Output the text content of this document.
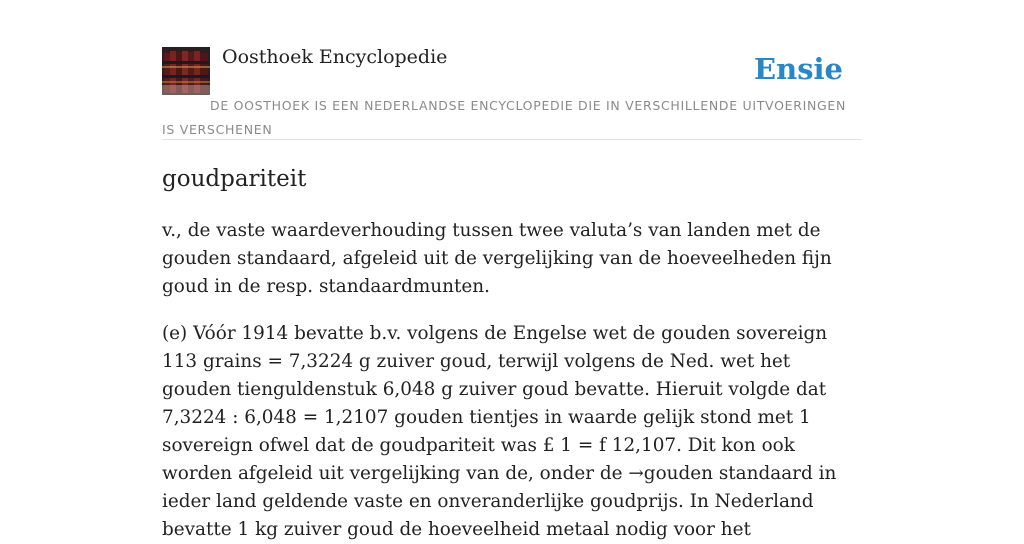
Oosthoek Encyclopedie	Ensie
DE OOSTHOEK IS EEN NEDERLANDSE ENCYCLOPEDIE DIE IN VERSCHILLENDE UITVOERINGEN IS VERSCHENEN
goudpariteit

v., de vaste waardeverhouding tussen twee valuta’s van landen met de gouden standaard, afgeleid uit de vergelijking van de hoeveelheden fijn goud in de resp. standaardmunten.

(e) Vóór 1914 bevatte b.v. volgens de Engelse wet de gouden sovereign 113 grains = 7,3224 g zuiver goud, terwijl volgens de Ned. wet het gouden tienguldenstuk 6,048 g zuiver goud bevatte. Hieruit volgde dat 7,3224 : 6,048 = 1,2107 gouden tientjes in waarde gelijk stond met 1 sovereign ofwel dat de goudpariteit was £ 1 = f 12,107. Dit kon ook worden afgeleid uit vergelijking van de, onder de →gouden standaard in ieder land geldende vaste en onveranderlijke goudprijs. In Nederland bevatte 1 kg zuiver goud de hoeveelheid metaal nodig voor het
